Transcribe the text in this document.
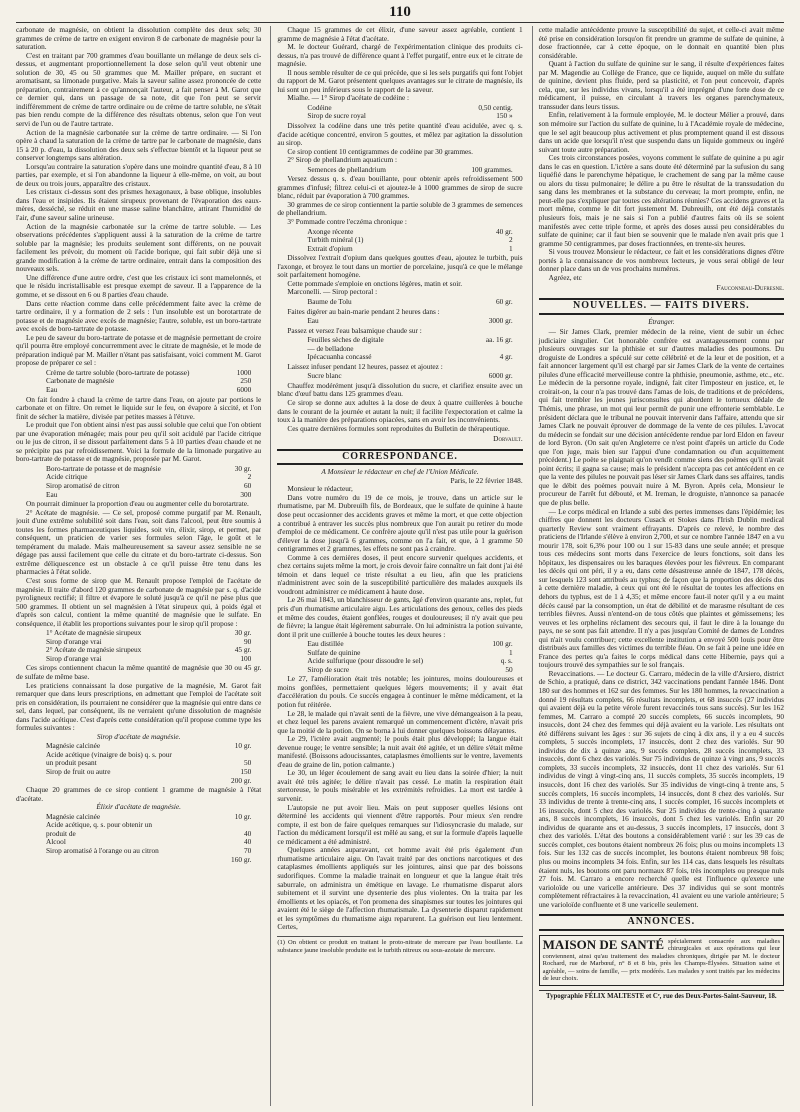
110

carbonate de magnésie, on obtient la dissolution complète des deux sels; 30 grammes de crème de tartre en exigent environ 8 de carbonate de magnésie pour la saturation.

C'est en traitant par 700 grammes d'eau bouillante un mélange de deux sels ci-dessus, et augmentant proportionnellement la dose selon qu'il veut obtenir une solution de 30, 45 ou 50 grammes que M. Mailler prépare, en sucrant et aromatisant, sa limonade purgative. Mais la saveur saline assez prononcée de cette préparation, contrairement à ce qu'annonçait l'auteur, a fait penser à M. Garot que ce dernier qui, dans un passage de sa note, dit que l'on peut se servir indifféremment de crème de tartre ordinaire ou de crème de tartre soluble, ne s'était pas bien rendu compte de la différence des résultats obtenus, selon que l'on veut servi de l'un ou de l'autre tartrate.

Action de la magnésie carbonatée sur la crème de tartre ordinaire. — Si l'on opère à chaud la saturation de la crème de tartre par le carbonate de magnésie, dans 15 à 20 p. d'eau, la dissolution des deux sels s'effectue bientôt et la liqueur peut se conserver longtemps sans altération.

Lorsqu'au contraire la saturation s'opère dans une moindre quantité d'eau, 8 à 10 parties, par exemple, et si l'on abandonne la liqueur à elle-même, on voit, au bout de deux ou trois jours, apparaître des cristaux.

Les cristaux ci-dessus sont des prismes hexagonaux, à base oblique, insolubles dans l'eau et insipides. Ils étaient sirupeux provenant de l'évaporation des eaux-mères, desséché, se réduit en une masse saline blanchâtre, attirant l'humidité de l'air, d'une saveur saline urineuse.

Action de la magnésie carbonatée sur la crème de tartre soluble. — Les observations précédentes s'appliquent aussi à la saturation de la crème de tartre soluble par la magnésie; les produits seulement sont différents, on ne pouvait facilement les prévoir, du moment où l'acide borique, qui fait subir déjà une si grande modification à la crème de tartre ordinaire, entrait dans la composition des nouveaux sels.

Une différence d'une autre ordre, c'est que les cristaux ici sont mamelonnés, et que le résidu incristallisable est presque exempt de saveur. Il a l'apparence de la gomme, et se dissout en 6 ou 8 parties d'eau chaude.

Dans cette réaction comme dans celle précédemment faite avec la crème de tartre ordinaire, il y a formation de 2 sels : l'un insoluble est un borotartrate de potasse et de magnésie avec excès de magnésie; l'autre, soluble, est un boro-tartrate avec excès de boro-tartrate de potasse.

Le peu de saveur du boro-tartrate de potasse et de magnésie permettant de croire qu'il pourra être employé concurremment avec le citrate de magnésie, et le mode de préparation indiqué par M. Mailler n'étant pas satisfaisant, voici comment M. Garot propose de préparer ce sel :

Crème de tartre soluble (boro-tartrate de potasse)	1000
Carbonate de magnésie	250
Eau	6000

On fait fondre à chaud la crème de tartre dans l'eau, on ajoute par portions le carbonate et on filtre. On remet le liquide sur le feu, on évapore à siccité, et l'on finit de sécher la matière, divisée par petites masses à l'étuve.

Le produit que l'on obtient ainsi n'est pas aussi soluble que celui que l'on obtient par une évaporation ménagée; mais pour peu qu'il soit acidulé par l'acide citrique ou le jus de citron, il se dissout parfaitement dans 5 à 10 parties d'eau chaude et ne se précipite pas par refroidissement. Voici la formule de la limonade purgative au boro-tartrate de potasse et de magnésie, proposée par M. Garot.

Boro-tartrate de potasse et de magnésie	30 gr.
Acide citrique	2
Sirop aromatisé de citron	60
Eau	300

On pourrait diminuer la proportion d'eau ou augmenter celle du borotartrate.

2° Acétate de magnésie. — Ce sel, proposé comme purgatif par M. Renault, jouit d'une extrême solubilité soit dans l'eau, soit dans l'alcool, peut être soumis à toutes les formes pharmaceutiques liquides, soit vin, élixir, sirop, et permet, par conséquent, un praticien de varier ses formules selon l'âge, le goût et le tempérament du malade. Mais malheureusement sa saveur assez sensible ne se dégage pas aussi facilement que celle du citrate et du boro-tartrate ci-dessus. Son extrême déliquescence est un obstacle à ce qu'il puisse être tenu dans les pharmacies à l'état solide.

C'est sous forme de sirop que M. Renault propose l'emploi de l'acétate de magnésie. Il traite d'abord 120 grammes de carbonate de magnésie par s. q. d'acide pyroligneux rectifié; il filtre et évapore le soluté jusqu'à ce qu'il ne pèse plus que 500 grammes. Il obtient un sel magnésien à l'état sirupeux qui, à poids égal et d'après son calcul, contient la même quantité de magnésie que le sulfate. En conséquence, il établit les proportions suivantes pour le sirop qu'il propose :

1° Acétate de magnésie sirupeux	30 gr.
Sirop d'orange vrai	90
2° Acétate de magnésie sirupeux	45 gr.
Sirop d'orange vrai	100

Ces sirops contiennent chacun la même quantité de magnésie que 30 ou 45 gr. de sulfate de même base.

Les praticiens connaissant la dose purgative de la magnésie, M. Garot fait remarquer que dans leurs prescriptions, en admettant que l'emploi de l'acétate soit pris en considération, ils pourraient ne considérer que la magnésie qui entre dans ce sel, dans lequel, par conséquent, ils ne verraient qu'une dissolution de magnésie dans l'acide acétique. C'est d'après cette considération qu'il propose comme type les formules suivantes :

Sirop d'acétate de magnésie.

Magnésie calcinée	10 gr.
Acide acétique (vinaigre de bois) q. s. pour
un produit pesant	50
Sirop de fruit ou autre	150
200 gr.

Chaque 20 grammes de ce sirop contient 1 gramme de magnésie à l'état d'acétate.

Élixir d'acétate de magnésie.

Magnésie calcinée	10 gr.
Acide acétique, q. s. pour obtenir un
produit de	40
Alcool	40
Sirop aromatisé à l'orange ou au citron	70
160 gr.

Chaque 15 grammes de cet élixir, d'une saveur assez agréable, contient 1 gramme de magnésie à l'état d'acétate.

M. le docteur Guérard, chargé de l'expérimentation clinique des produits ci-dessus, n'a pas trouvé de différence quant à l'effet purgatif, entre eux et le citrate de magnésie.

Il nous semble résulter de ce qui précède, que si les sels purgatifs qui font l'objet du rapport de M. Garot présentent quelques avantages sur le citrate de magnésie, ils lui sont un peu inférieurs sous le rapport de la saveur.

Mialhe. — 1° Sirop d'acétate de codéine :

Codéine	0,50 centig.
Sirop de sucre royal	150 »

Dissolvez la codéine dans une très petite quantité d'eau acidulée, avec q. s. d'acide acétique concentré, environ 5 gouttes, et mêlez par agitation la dissolution au sirop.

Ce sirop contient 10 centigrammes de codéine par 30 grammes.

2° Sirop de phellandrium aquaticum :

Semences de phellandrium	100 grammes.

Versez dessus q. s. d'eau bouillante, pour obtenir après refroidissement 500 grammes d'infusé; filtrez celui-ci et ajoutez-le à 1000 grammes de sirop de sucre blanc, réduit par évaporation à 700 grammes.

30 grammes de ce sirop contiennent la partie soluble de 3 grammes de semences de phellandrium.

3° Pommade contre l'eczéma chronique :

Axonge récente	40 gr.
Turbith minéral (1)	2
Extrait d'opium	1

Dissolvez l'extrait d'opium dans quelques gouttes d'eau, ajoutez le turbith, puis l'axonge, et broyez le tout dans un mortier de porcelaine, jusqu'à ce que le mélange soit parfaitement homogène.

Cette pommade s'emploie en onctions légères, matin et soir.

Marconelli. — Sirop pectoral :

Baume de Tolu	60 gr.

Faites digérer au bain-marie pendant 2 heures dans :

Eau	3000 gr.

Passez et versez l'eau balsamique chaude sur :

Feuilles sèches de digitale	aa. 16 gr.
— de belladone
Ipécacuanha concassé	4 gr.

Laissez infuser pendant 12 heures, passez et ajoutez :

Sucre blanc	6000 gr.

Chauffez modérément jusqu'à dissolution du sucre, et clarifiez ensuite avec un blanc d'œuf battu dans 125 grammes d'eau.

Ce sirop se donne aux adultes à la dose de deux à quatre cuillerées à bouche dans le courant de la journée et autant la nuit; il facilite l'expectoration et calme la toux à la manière des préparations opiacées, sans en avoir les inconvénients.

Ces quatre dernières formules sont reproduites du Bulletin de thérapeutique.

Dorvault.
CORRESPONDANCE.

A Monsieur le rédacteur en chef de l'Union Médicale.

Paris, le 22 février 1848.

Monsieur le rédacteur,

Dans votre numéro du 19 de ce mois, je trouve, dans un article sur le rhumatisme, par M. Dubreuilh fils, de Bordeaux, que le sulfate de quinine à haute dose peut occasionner des accidents graves et même la mort, et que cette objection a contribué à entraver les succès plus nombreux que l'on aurait pu retirer du mode d'emploi de ce médicament. Ce confrère ajoute qu'il n'est pas utile pour la guérison d'élever la dose jusqu'à 6 grammes, comme on l'a fait, et que, à 1 gramme 50 centigrammes et 2 grammes, les effets ne sont pas à craindre.

Comme à ces dernières doses, il peut encore survenir quelques accidents, et chez certains sujets même la mort, je crois devoir faire connaître un fait dont j'ai été témoin et dans lequel ce triste résultat a eu lieu, afin que les praticiens n'administrent avec soin de la susceptibilité particulière des malades auxquels ils voudront administrer ce médicament à haute dose.

Le 26 mai 1843, un blanchisseur de gants, âgé d'environ quarante ans, replet, fut pris d'un rhumatisme articulaire aigu. Les articulations des genoux, celles des pieds et même des coudes, étaient gonflées, rouges et douloureuses; il n'y avait que peu de fièvre; la langue était légèrement saburrale. On lui administra la potion suivante, dont il prit une cuillerée à bouche toutes les deux heures :

Eau distillée	100 gr.
Sulfate de quinine	1
Acide sulfurique (pour dissoudre le sel)	q. s.
Sirop de sucre	50

Le 27, l'amélioration était très notable; les jointures, moins douloureuses et moins gonflées, permettaient quelques légers mouvements; il y avait état d'accélération du pouls. Ce succès engagea à continuer le même médicament, et la potion fut réitérée.

Le 28, le malade qui n'avait senti de la fièvre, une vive démangeaison à la peau, et chez lequel les parens avaient remarqué un commencement d'ictère, n'avait pris que la moitié de la potion. On se borna à lui donner quelques boissons délayantes.

Le 29, l'ictère avait augmenté; le pouls était plus développé; la langue était devenue rouge; le ventre sensible; la nuit avait été agitée, et un délire s'était même manifesté. (Boissons adoucissantes, cataplasmes émollients sur le ventre, lavements d'eau de graine de lin, potion calmante.)

Le 30, un léger écoulement de sang avait eu lieu dans la soirée d'hier; la nuit avait été très agitée; le délire n'avait pas cessé. Le matin la respiration était stertoreuse, le pouls misérable et les extrémités refroidies. La mort est tardée à survenir.

L'autopsie ne put avoir lieu. Mais on peut supposer quelles lésions ont déterminé les accidents qui viennent d'être rapportés. Pour mieux s'en rendre compte, il est bon de faire quelques remarques sur l'idiosyncrasie du malade, sur l'action du médicament lorsqu'il est mêlé au sang, et sur la formule d'après laquelle ce médicament a été administré.

Quelques années auparavant, cet homme avait été pris également d'un rhumatisme articulaire aigu. On l'avait traité par des onctions narcotiques et des cataplasmes émollients appliqués sur les jointures, ainsi que par des boissons sudorifiques. Comme la maladie trainait en longueur et que la langue était très saburrale, on administra un émétique en lavage. Le rhumatisme disparut alors subitement et il survint une dysenterie des plus violentes. On la traita par les émollients et les opiacés, et l'on promena des sinapismes sur toutes les jointures qui avaient été le siège de l'affection rhumatismale. La dysenterie disparut rapidement et les symptômes du rhumatisme aigu reparurent. La guérison eut lieu lentement. Certes,

(1) On obtient ce produit en traitant le proto-nitrate de mercure par l'eau bouillante. La substance jaune insoluble produite est le turbith nitreux ou sous-azotate de mercure.

cette maladie antécédente prouve la susceptibilité du sujet, et celle-ci avait même été prise en considération lorsqu'on fit prendre un gramme de sulfate de quinine, à dose fractionnée, car à cette époque, on le donnait en quantité bien plus considérable.

Quant à l'action du sulfate de quinine sur le sang, il résulte d'expériences faites par M. Magendie au Collège de France, que ce liquide, auquel on mêle du sulfate de quinine, devient plus fluide, perd sa plasticité, et l'on peut concevoir, d'après cela, que, sur les individus vivans, lorsqu'il a été imprégné d'une forte dose de ce médicament, il puisse, en circulant à travers les organes parenchymateux, transsuder dans leurs tissus.

Enfin, relativement à la formule employée, M. le docteur Mélier a prouvé, dans son mémoire sur l'action du sulfate de quinine, lu à l'Académie royale de médecine, que le sel agit beaucoup plus activement et plus promptement quand il est dissous dans un acide que lorsqu'il n'est que suspendu dans un liquide gommeux ou ingéré suivant toute autre préparation.

Ces trois circonstances posées, voyons comment le sulfate de quinine a pu agir dans le cas en question. L'ictère a sans doute été déterminé par la sufusion du sang liquéfié dans le parenchyme hépatique, le crachement de sang par la même cause ou alors du tissu pulmonaire; le délire a pu être le résultat de la transsudation du sang dans les membranes et la substance du cerveau; la mort prompte, enfin, ne peut-elle pas s'expliquer par toutes ces altérations réunies? Ces accidens graves et la mort même, comme le dit fort justement M. Dubreuilh, ont été déjà constatés plusieurs fois, mais je ne sais si l'on a publié d'autres faits où ils se soient manifestés avec cette triple forme, et après des doses aussi peu considérables du sulfate de quinine; car il faut bien se souvenir que le malade n'en avait pris que 1 gramme 50 centigrammes, par doses fractionnées, en trente-six heures.

Si vous trouvez Monsieur le rédacteur, ce fait et les considérations dignes d'être portés à la connaissance de vos nombreux lecteurs, je vous serai obligé de leur donner place dans un de vos prochains numéros.

Agréez, etc

Fauconneau-Dufresne.
NOUVELLES. — FAITS DIVERS.
Étranger.

— Sir James Clark, premier médecin de la reine, vient de subir un échec judiciaire singulier. Cet honorable confrère est avantageusement connu par plusieurs ouvrages sur la phthisie et sur d'autres maladies des poumons. Du droguiste de Londres a spéculé sur cette célébrité et de la leur et de position, et a fait annoncer largement qu'il est chargé par sir James Clark de la vente de certaines pilules d'une efficacité merveilleuse contre la phthisie, pneumonie, asthme, etc., etc. Le médecin de la personne royale, indigné, fait citer l'imposteur en justice, et, le croirait-on, la cour n'a pas trouvé dans l'amas de lois, de traditions et de précédens, qui fait trembler les jeunes jurisconsultes qui abordent le tortueux dédale de Thémis, une phrase, un mot qui leur permît de punir une effronterie semblable. Le président déclara que le tribunal ne pouvait intervenir dans l'affaire, attendu que sir James Clark ne pouvait éprouver de dommage de la vente de ces pilules. L'avocat du médecin se fondait sur une décision antécédente rendue par lord Eldon en faveur de lord Byron. (On sait qu'en Angleterre ce n'est point d'après un article du Code que l'on juge, mais bien sur l'appui d'une condamnation ou d'un acquittement précédent.) Le poète se plaignait qu'on vendît comme siens des poèmes qu'il n'avait point écrits; il gagna sa cause; mais le président n'accepta pas cet antécédent en ce que la vente des pilules ne pouvait pas léser sir James Clark dans ses affaires, tandis que le débit des poèmes pouvait nuire à M. Byron. Après cela, Monsieur le procureur de l'arrêt fut débouté, et M. Ireman, le droguiste, n'annonce sa panacée que de plus belle.

— Le corps médical en Irlande a subi des pertes immenses dans l'épidémie; les chiffres que donnent les docteurs Cusack et Stokes dans l'Irish Dublin medical quarterly Review sont vraiment effrayants. D'après ce relevé, le nombre des praticiens de l'Irlande s'élève à environ 2,700, et sur ce nombre l'année 1847 en a vu mourir 178, soit 6,3% pour 100 ou 1 sur 15-83 dans une seule année; et presque tous ces médecins sont morts dans l'exercice de leurs fonctions, soit dans les hôpitaux, les dispensaires ou les baraques élevées pour les fiévreux. En comparant les décès qui ont péri, il y a eu, dans cette désastreuse année de 1847, 178 décès, sur lesquels 123 sont attribués au typhus; de façon que la proportion des décès dus à cette dernière maladie, à ceux qui ont été le résultat de toutes les affections en dehors du typhus, est de 1 à 4,35; et même encore faut-il noter qu'il y a eu maint décès causé par la consomption, un état de débilité et de marasme résultant de ces terribles fièvres. Aussi n'entend-on de tous côtés que plaintes et gémissemens; les veuves et les orphelins réclament des secours qui, il faut le dire à la louange du pays, ne se sont pas fait attendre. Il n'y a pas jusqu'au Comité de dames de Londres qui n'ait voulu contribuer; cette excellente institution a envoyé 500 louis pour être distribués aux familles des victimes du terrible fléau. On se fait à peine une idée en France des pertes qu'a faites le corps médical dans cette Hibernie, pays qui a toujours trouvé des sympathies sur le sol français.

Revaccinations. — Le docteur G. Carraro, médecin de la ville d'Arsiero, district de Schio, a pratiqué, dans ce district, 342 vaccinations pendant l'année 1846. Dont 180 sur des hommes et 162 sur des femmes. Sur les 180 hommes, la revaccination a donné 19 résultats complets, 66 résultats incomplets, et 68 insuccès (27 individus qui avaient déjà eu la petite vérole furent revaccinés tous sans succès). Sur les 162 femmes, M. Carraro a compté 20 succès complets, 66 succès incomplets, 90 insuccès, dont 24 chez des femmes qui déjà avaient eu la variole. Les résultats ont été différens suivant les âges : sur 36 sujets de cinq à dix ans, il y a eu 4 succès complets, 5 succès incomplets, 17 insuccès, dont 2 chez des variolés. Sur 90 individus de dix à quinze ans, 9 succès complets, 28 succès incomplets, 33 insuccès, dont 6 chez des variolés. Sur 75 individus de quinze à vingt ans, 9 succès complets, 33 succès incomplets, 32 insuccès, dont 11 chez des variolés. Sur 61 individus de vingt à vingt-cinq ans, 11 succès complets, 35 succès incomplets, 19 insuccès, dont 16 chez des variolés. Sur 35 individus de vingt-cinq à trente ans, 5 succès complets, 16 succès incomplets, 14 insuccès, dont 8 chez des variolés. Sur 33 individus de trente à trente-cinq ans, 1 succès complet, 16 succès incomplets et 16 insuccès, dont 5 chez des variolés. Sur 25 individus de trente-cinq à quarante ans, 8 succès incomplets, 16 insuccès, dont 5 chez les variolés. Enfin sur 20 individus de quarante ans et au-dessus, 3 succès incomplets, 17 insuccès, dont 3 chez des variolés. L'état des boutons a considérablement varié : sur les 39 cas de succès complet, ces boutons étaient nombreux 26 fois; plus ou moins incomplets 13 fois. Sur les 132 cas de succès incomplet, les boutons étaient nombreux 98 fois; plus ou moins incomplets 34 fois. Enfin, sur les 114 cas, dans lesquels les résultats étaient nuls, les boutons ont paru normaux 87 fois, très incomplets ou presque nuls 27 fois. M. Carraro a encore recherché quelle est l'influence qu'exerce une varioloïde ou une varicelle antérieure. Des 37 individus qui se sont montrés complètement réfractaires à la revaccination, 41 avaient eu une variole antérieure; 5 une varioloïde confluente et 8 une varicelle seulement.

ANNONCES.
MAISON DE SANTÉ spécialement consacrée aux maladies chirurgicales et aux opérations qui leur conviennent, ainsi qu'au traitement des maladies chroniques, dirigée par M. le docteur Rochard, rue de Marbœuf, n° 8 et 8 bis, près les Champs-Élysées. Situation saine et agréable, — soins de famille, — prix modérés. Les malades y sont traités par les médecins de leur choix.
Typographie FÉLIX MALTESTE et Cᵉ, rue des Deux-Portes-Saint-Sauveur, 18.
